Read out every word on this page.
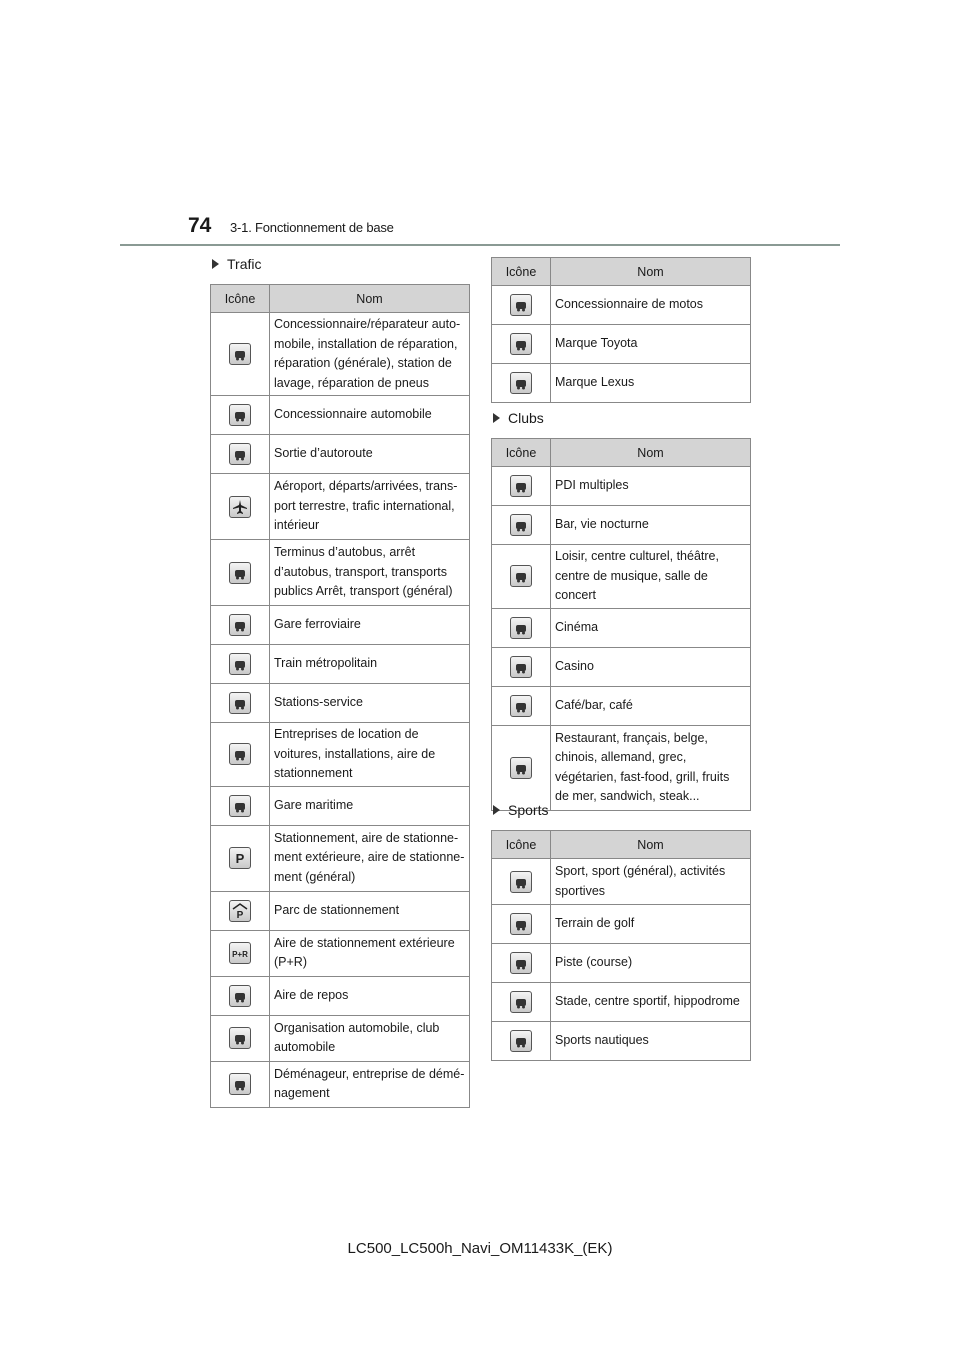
74 3-1. Fonctionnement de base
Trafic
Icône	Nom

	Concessionnaire/réparateur auto-mobile, installation de réparation, réparation (générale), station de lavage, réparation de pneus

	Concessionnaire automobile

	Sortie d’autoroute

	Aéroport, départs/arrivées, trans-port terrestre, trafic international, intérieur

	Terminus d’autobus, arrêt d’autobus, transport, transports publics Arrêt, transport (général)

	Gare ferroviaire

	Train métropolitain

	Stations-service

	Entreprises de location de voitures, installations, aire de stationnement

	Gare maritime

P	Stationnement, aire de stationne-ment extérieure, aire de stationne-ment (général)

P	Parc de stationnement

P+R	Aire de stationnement extérieure (P+R)

	Aire de repos

	Organisation automobile, club automobile

	Déménageur, entreprise de démé-nagement
Icône	Nom

	Concessionnaire de motos

	Marque Toyota

	Marque Lexus
Clubs
Icône	Nom

	PDI multiples

	Bar, vie nocturne

	Loisir, centre culturel, théâtre, centre de musique, salle de concert

	Cinéma

	Casino

	Café/bar, café

	Restaurant, français, belge, chinois, allemand, grec, végétarien, fast-food, grill, fruits de mer, sandwich, steak...
Sports
Icône	Nom

	Sport, sport (général), activités sportives

	Terrain de golf

	Piste (course)

	Stade, centre sportif, hippodrome

	Sports nautiques
LC500_LC500h_Navi_OM11433K_(EK)
